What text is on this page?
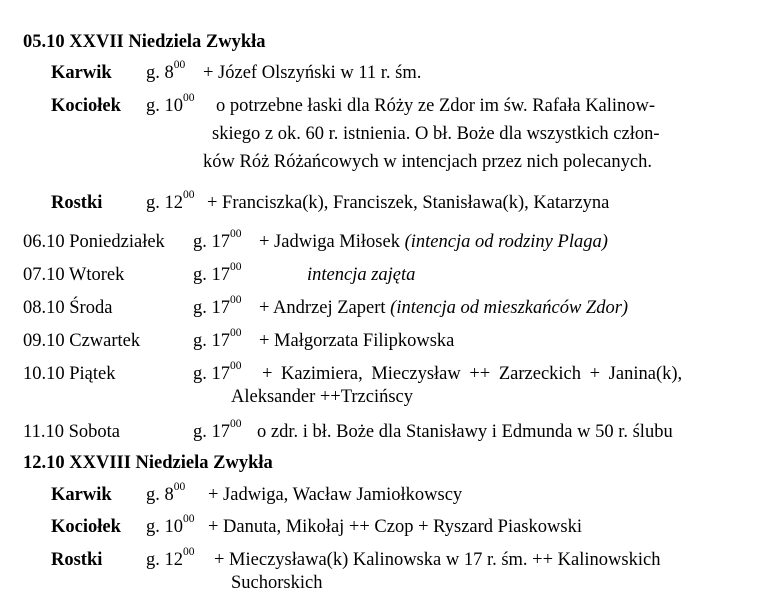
05.10 XXVII Niedziela Zwykła
Karwik g. $8^{00}$ + Józef Olszyński w 11 r. śm.
Kociołek g. $10^{00}$ o potrzebne łaski dla Róży ze Zdor im św. Rafała Kalinow-
skiego z ok. 60 r. istnienia. O bł. Boże dla wszystkich człon-
ków Róż Różańcowych w intencjach przez nich polecanych.
Rostki g. $12^{00}$ + Franciszka(k), Franciszek, Stanisława(k), Katarzyna
06.10 Poniedziałek g. $17^{00}$ + Jadwiga Miłosek (intencja od rodziny Plaga)
07.10 Wtorek	g. $17^{00}$	intencja zajęta
08.10 Środa	g. $17^{00}$ + Andrzej Zapert (intencja od mieszkańców Zdor)
09.10 Czwartek	g. $17^{00}$ + Małgorzata Filipkowska
10.10 Piątek	g. $17^{00}$ + Kazimiera, Mieczysław ++ Zarzeckich + Janina(k),
Aleksander ++Trzcińscy
11.10 Sobota	g. $17^{00}$ o zdr. i bł. Boże dla Stanisławy i Edmunda w 50 r. ślubu
12.10 XXVIII Niedziela Zwykła
Karwik g. $8^{00}$ + Jadwiga, Wacław Jamiołkowscy
Kociołek g. $10^{00}$ + Danuta, Mikołaj ++ Czop + Ryszard Piaskowski
Rostki g. $12^{00}$ + Mieczysława(k) Kalinowska w 17 r. śm. ++ Kalinowskich
Suchorskich
